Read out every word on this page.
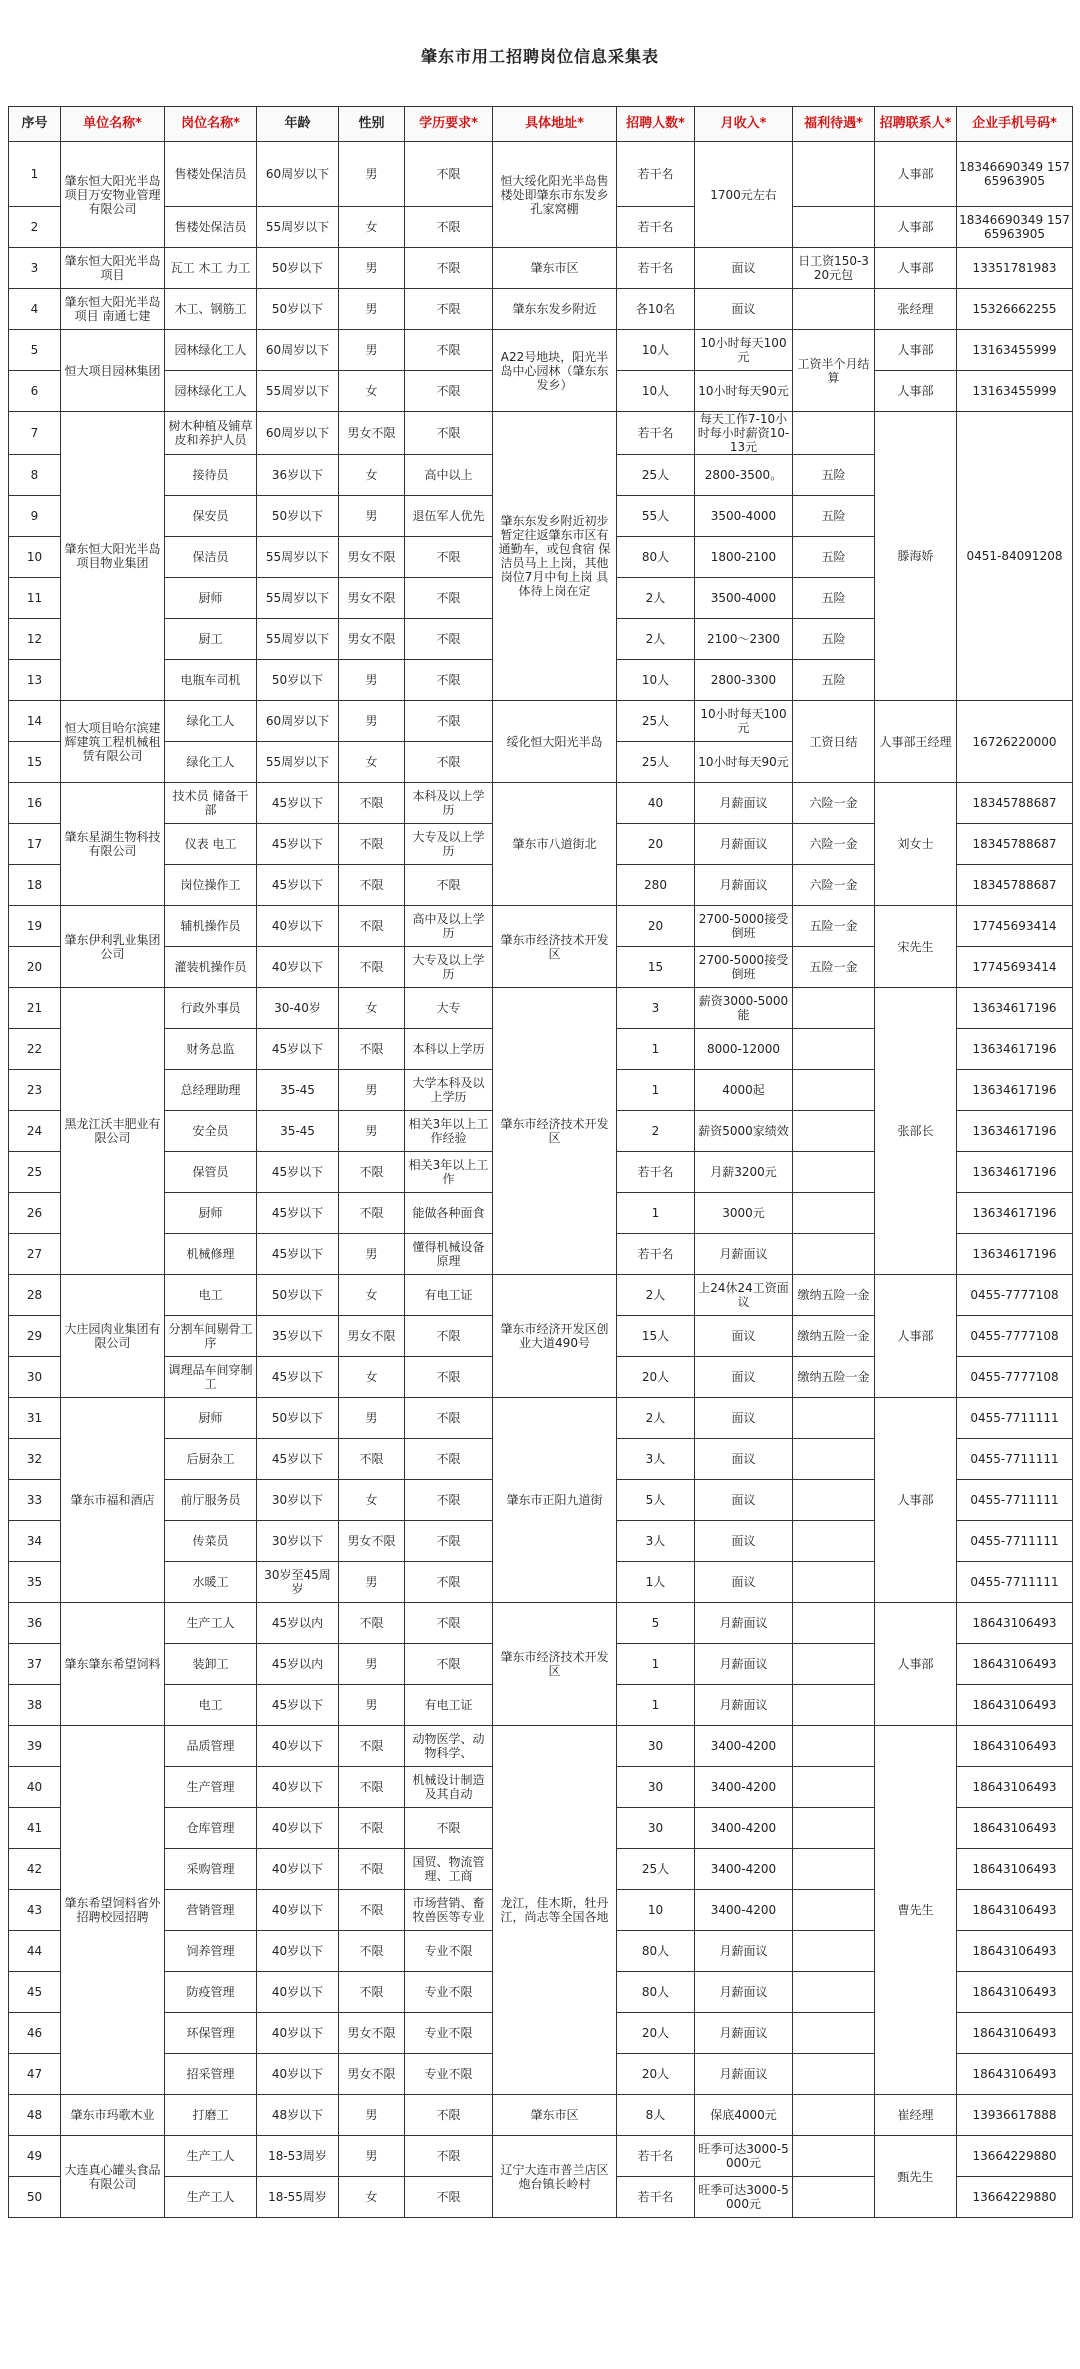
肇东市用工招聘岗位信息采集表
序号	单位名称*	岗位名称*	年龄	性别	学历要求*	具体地址*	招聘人数*	月收入*	福利待遇*	招聘联系人*	企业手机号码*
1	肇东恒大阳光半岛项目万安物业管理有限公司	售楼处保洁员	60周岁以下	男	不限	恒大绥化阳光半岛售楼处即肇东市东发乡孔家窝棚	若干名	1700元左右		人事部	18346690349 15765963905
2		售楼处保洁员	55周岁以下	女	不限		若干名			人事部	18346690349 15765963905
3	肇东恒大阳光半岛项目	瓦工 木工 力工	50岁以下	男	不限	肇东市区	若干名	面议	日工资150-320元包	人事部	13351781983
4	肇东恒大阳光半岛项目 南通七建	木工、钢筋工	50岁以下	男	不限	肇东东发乡附近	各10名	面议		张经理	15326662255
5	恒大项目园林集团	园林绿化工人	60周岁以下	男	不限	A22号地块，阳光半岛中心园林（肇东东发乡）	10人	10小时每天100元	工资半个月结算	人事部	13163455999
6		园林绿化工人	55周岁以下	女	不限		10人	10小时每天90元		人事部	13163455999
7	肇东恒大阳光半岛项目物业集团	树木种植及铺草皮和养护人员	60周岁以下	男女不限	不限	肇东东发乡附近初步暂定往返肇东市区有通勤车，或包食宿 保洁员马上上岗，其他岗位7月中旬上岗 具体待上岗在定	若干名	每天工作7-10小时每小时薪资10-13元		滕海娇	0451-84091208
8		接待员	36岁以下	女	高中以上		25人	2800-3500。	五险		
9		保安员	50岁以下	男	退伍军人优先		55人	3500-4000	五险		
10		保洁员	55周岁以下	男女不限	不限		80人	1800-2100	五险		
11		厨师	55周岁以下	男女不限	不限		2人	3500-4000	五险		
12		厨工	55周岁以下	男女不限	不限		2人	2100～2300	五险		
13		电瓶车司机	50岁以下	男	不限		10人	2800-3300	五险		
14	恒大项目哈尔滨建辉建筑工程机械租赁有限公司	绿化工人	60周岁以下	男	不限	绥化恒大阳光半岛	25人	10小时每天100元	工资日结	人事部王经理	16726220000
15		绿化工人	55周岁以下	女	不限		25人	10小时每天90元			
16	肇东星湖生物科技有限公司	技术员 储备干部	45岁以下	不限	本科及以上学历	肇东市八道街北	40	月薪面议	六险一金	刘女士	18345788687
17		仪表 电工	45岁以下	不限	大专及以上学历		20	月薪面议	六险一金		18345788687
18		岗位操作工	45岁以下	不限	不限		280	月薪面议	六险一金		18345788687
19	肇东伊利乳业集团公司	辅机操作员	40岁以下	不限	高中及以上学历	肇东市经济技术开发区	20	2700-5000接受倒班	五险一金	宋先生	17745693414
20		灌装机操作员	40岁以下	不限	大专及以上学历		15	2700-5000接受倒班	五险一金		17745693414
21	黑龙江沃丰肥业有限公司	行政外事员	30-40岁	女	大专	肇东市经济技术开发区	3	薪资3000-5000能		张部长	13634617196
22		财务总监	45岁以下	不限	本科以上学历		1	8000-12000			13634617196
23		总经理助理	35-45	男	大学本科及以上学历		1	4000起			13634617196
24		安全员	35-45	男	相关3年以上工作经验		2	薪资5000家绩效			13634617196
25		保管员	45岁以下	不限	相关3年以上工作		若干名	月薪3200元			13634617196
26		厨师	45岁以下	不限	能做各种面食		1	3000元			13634617196
27		机械修理	45岁以下	男	懂得机械设备原理		若干名	月薪面议			13634617196
28	大庄园肉业集团有限公司	电工	50岁以下	女	有电工证	肇东市经济开发区创业大道490号	2人	上24休24工资面议	缴纳五险一金	人事部	0455-7777108
29		分割车间剔骨工序	35岁以下	男女不限	不限		15人	面议	缴纳五险一金		0455-7777108
30		调理品车间穿制工	45岁以下	女	不限		20人	面议	缴纳五险一金		0455-7777108
31	肇东市福和酒店	厨师	50岁以下	男	不限	肇东市正阳九道街	2人	面议		人事部	0455-7711111
32		后厨杂工	45岁以下	不限	不限		3人	面议			0455-7711111
33		前厅服务员	30岁以下	女	不限		5人	面议			0455-7711111
34		传菜员	30岁以下	男女不限	不限		3人	面议			0455-7711111
35		水暖工	30岁至45周岁	男	不限		1人	面议			0455-7711111
36	肇东肇东希望饲料	生产工人	45岁以内	不限	不限	肇东市经济技术开发区	5	月薪面议		人事部	18643106493
37		装卸工	45岁以内	男	不限		1	月薪面议			18643106493
38		电工	45岁以下	男	有电工证		1	月薪面议			18643106493
39	肇东希望饲料省外招聘校园招聘	品质管理	40岁以下	不限	动物医学、动物科学、	龙江，佳木斯，牡丹江，尚志等全国各地	30	3400-4200		曹先生	18643106493
40		生产管理	40岁以下	不限	机械设计制造及其自动		30	3400-4200			18643106493
41		仓库管理	40岁以下	不限	不限		30	3400-4200			18643106493
42		采购管理	40岁以下	不限	国贸、物流管理、工商		25人	3400-4200			18643106493
43		营销管理	40岁以下	不限	市场营销、畜牧兽医等专业		10	3400-4200			18643106493
44		饲养管理	40岁以下	不限	专业不限		80人	月薪面议			18643106493
45		防疫管理	40岁以下	不限	专业不限		80人	月薪面议			18643106493
46		环保管理	40岁以下	男女不限	专业不限		20人	月薪面议			18643106493
47		招采管理	40岁以下	男女不限	专业不限		20人	月薪面议			18643106493
48	肇东市玛歌木业	打磨工	48岁以下	男	不限	肇东市区	8人	保底4000元		崔经理	13936617888
49	大连真心罐头食品有限公司	生产工人	18-53周岁	男	不限	辽宁大连市普兰店区炮台镇长岭村	若干名	旺季可达3000-5000元		甄先生	13664229880
50		生产工人	18-55周岁	女	不限		若干名	旺季可达3000-5000元			13664229880
